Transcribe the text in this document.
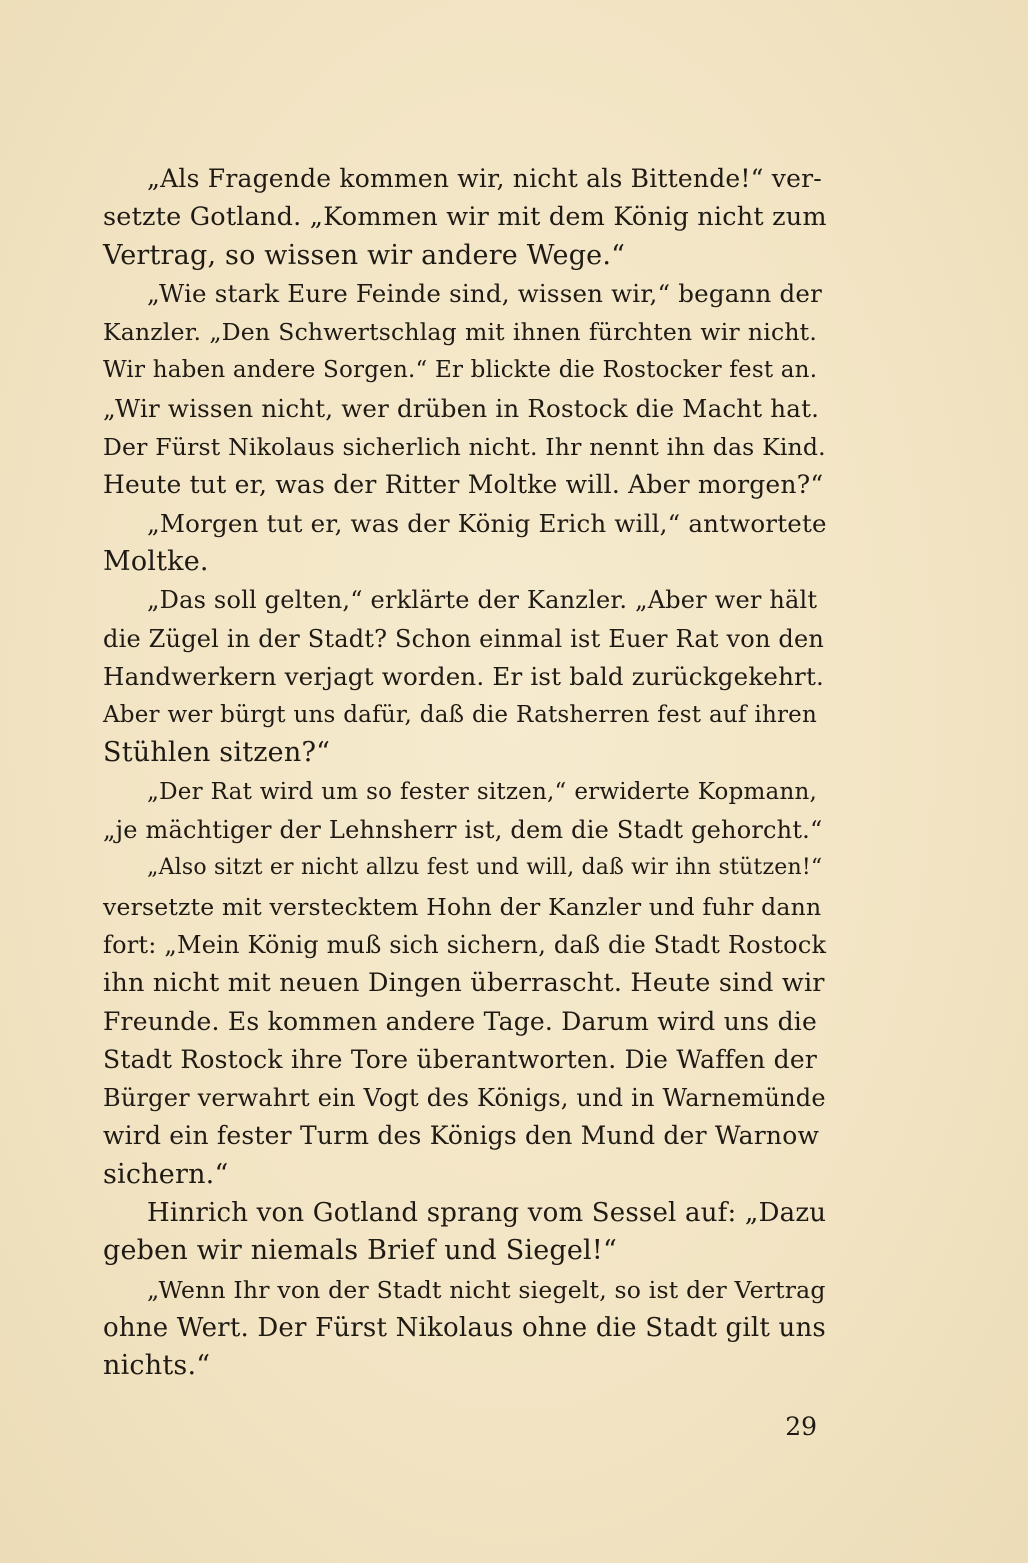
„Als Fragende kommen wir, nicht als Bittende!“ ver-
setzte Gotland. „Kommen wir mit dem König nicht zum
Vertrag, so wissen wir andere Wege.“
„Wie stark Eure Feinde sind, wissen wir,“ begann der
Kanzler. „Den Schwertschlag mit ihnen fürchten wir nicht.
Wir haben andere Sorgen.“ Er blickte die Rostocker fest an.
„Wir wissen nicht, wer drüben in Rostock die Macht hat.
Der Fürst Nikolaus sicherlich nicht. Ihr nennt ihn das Kind.
Heute tut er, was der Ritter Moltke will. Aber morgen?“
„Morgen tut er, was der König Erich will,“ antwortete
Moltke.
„Das soll gelten,“ erklärte der Kanzler. „Aber wer hält
die Zügel in der Stadt? Schon einmal ist Euer Rat von den
Handwerkern verjagt worden. Er ist bald zurückgekehrt.
Aber wer bürgt uns dafür, daß die Ratsherren fest auf ihren
Stühlen sitzen?“
„Der Rat wird um so fester sitzen,“ erwiderte Kopmann,
„je mächtiger der Lehnsherr ist, dem die Stadt gehorcht.“
„Also sitzt er nicht allzu fest und will, daß wir ihn stützen!“
versetzte mit verstecktem Hohn der Kanzler und fuhr dann
fort: „Mein König muß sich sichern, daß die Stadt Rostock
ihn nicht mit neuen Dingen überrascht. Heute sind wir
Freunde. Es kommen andere Tage. Darum wird uns die
Stadt Rostock ihre Tore überantworten. Die Waffen der
Bürger verwahrt ein Vogt des Königs, und in Warnemünde
wird ein fester Turm des Königs den Mund der Warnow
sichern.“
Hinrich von Gotland sprang vom Sessel auf: „Dazu
geben wir niemals Brief und Siegel!“
„Wenn Ihr von der Stadt nicht siegelt, so ist der Vertrag
ohne Wert. Der Fürst Nikolaus ohne die Stadt gilt uns
nichts.“
29
